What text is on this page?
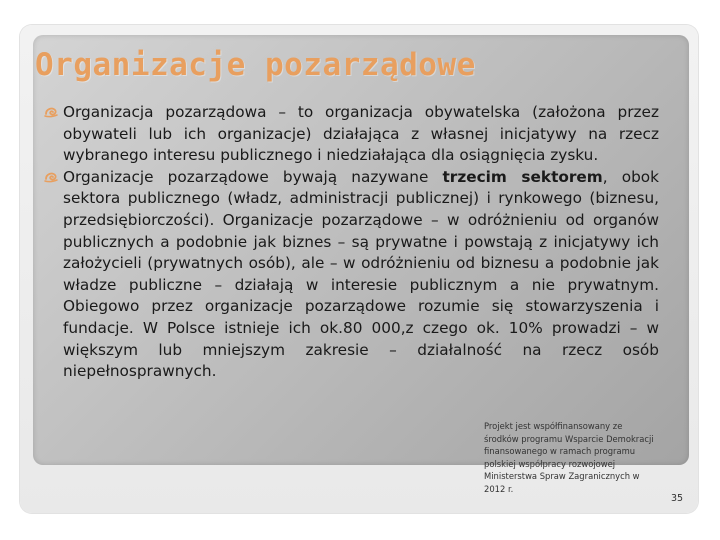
Organizacje pozarządowe

Organizacja pozarządowa – to organizacja obywatelska (założona przez obywateli lub ich organizacje) działająca z własnej inicjatywy na rzecz wybranego interesu publicznego i niedziałająca dla osiągnięcia zysku.

Organizacje pozarządowe bywają nazywane trzecim sektorem, obok sektora publicznego (władz, administracji publicznej) i rynkowego (biznesu, przedsiębiorczości). Organizacje pozarządowe – w odróżnieniu od organów publicznych a podobnie jak biznes – są prywatne i powstają z inicjatywy ich założycieli (prywatnych osób), ale – w odróżnieniu od biznesu a podobnie jak władze publiczne – działają w interesie publicznym a nie prywatnym. Obiegowo przez organizacje pozarządowe rozumie się stowarzyszenia i fundacje. W Polsce istnieje ich ok.80 000,z czego ok. 10% prowadzi – w większym lub mniejszym zakresie – działalność na rzecz osób niepełnosprawnych.

Projekt jest współfinansowany ze środków programu Wsparcie Demokracji finansowanego w ramach programu polskiej współpracy rozwojowej Ministerstwa Spraw Zagranicznych w 2012 r.
35
